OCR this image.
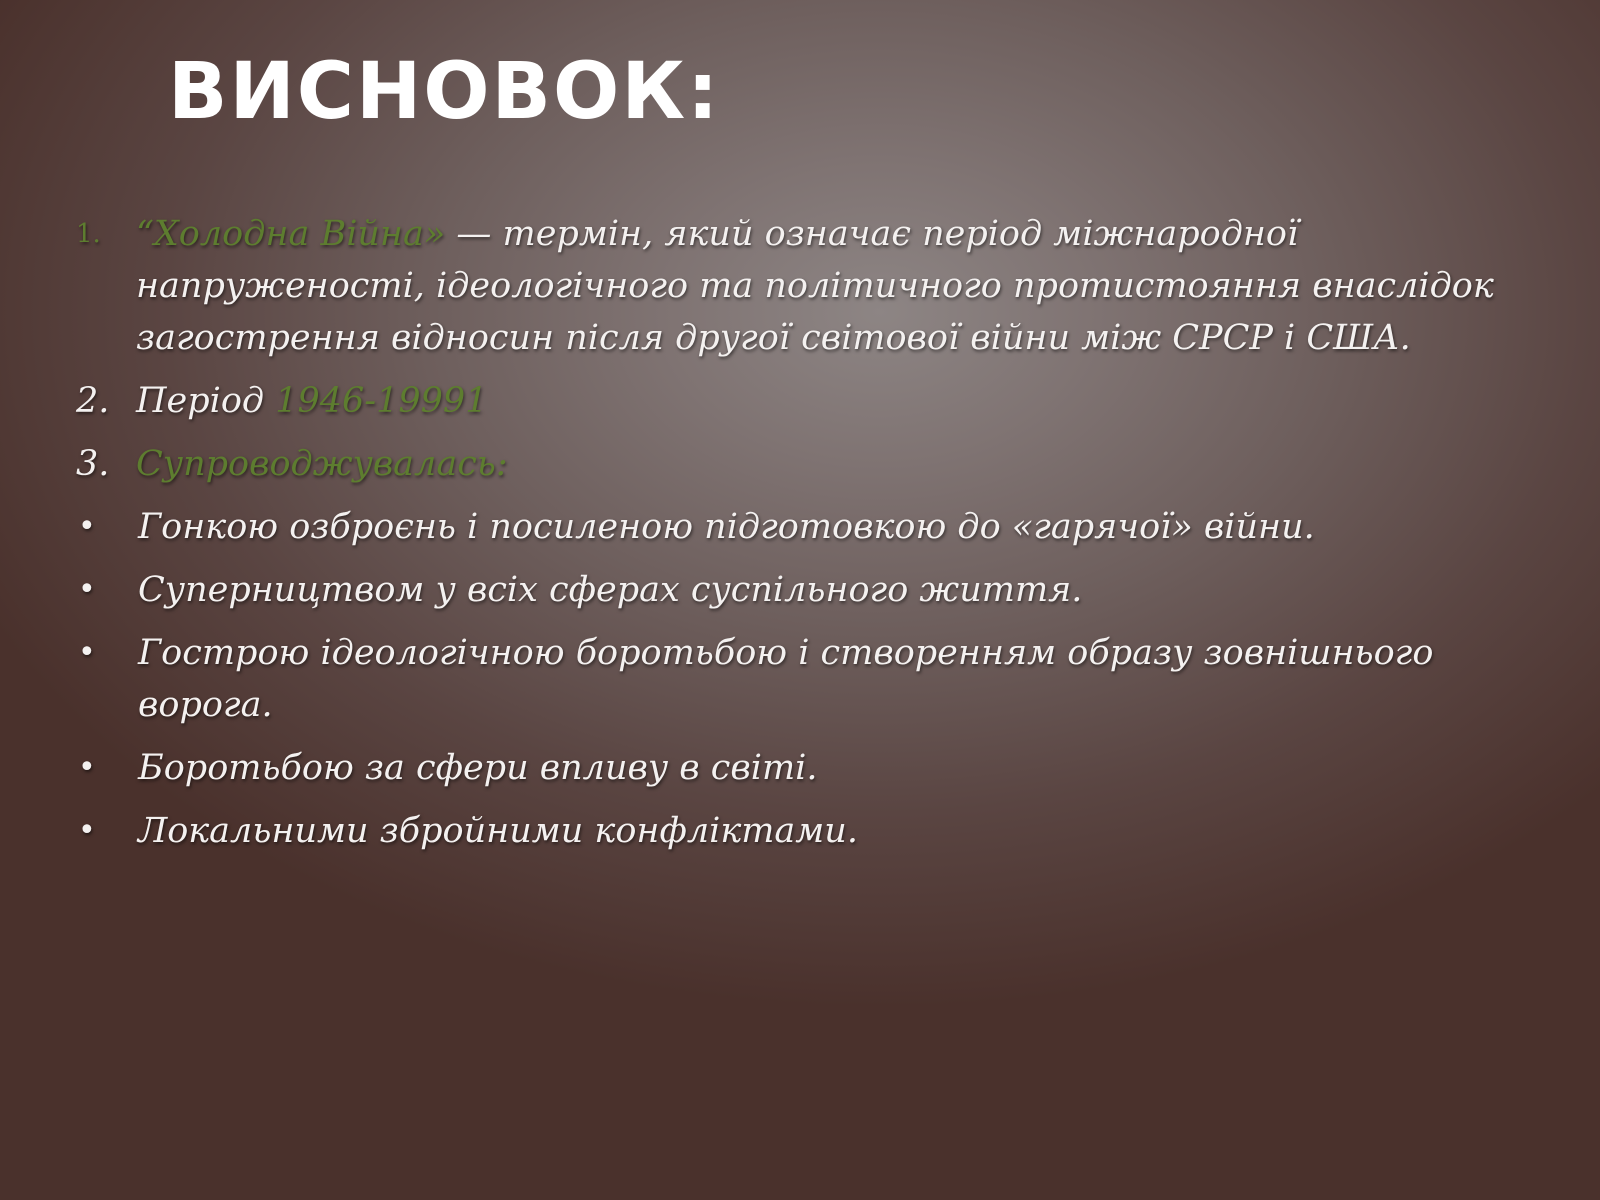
ВИСНОВОК:
1.	“Холодна Війна» — термін, який означає період міжнародної напруженості, ідеологічного та політичного протистояння внаслідок загострення відносин після другої світової війни між СРСР і США.
2. Період 1946-19991
3. Супроводжувалась:
•	Гонкою озброєнь і посиленою підготовкою до «гарячої» війни.
•	Суперництвом у всіх сферах суспільного життя.
•	Гострою ідеологічною боротьбою і створенням образу зовнішнього ворога.
•	Боротьбою за сфери впливу в світі.
•	Локальними збройними конфліктами.
